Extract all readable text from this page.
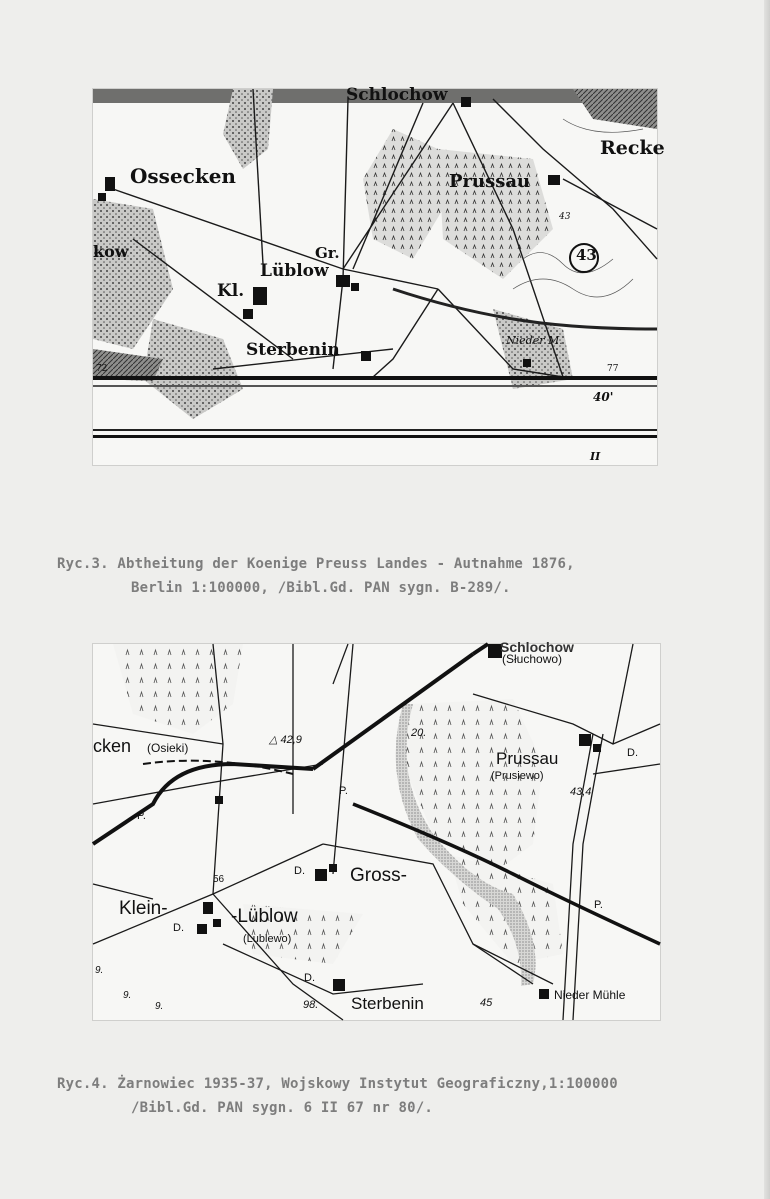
Schlochow
Recke
Ossecken	Prussau
kow	Gr.
Lüblow
Kl.
Sterbenin	Nieder M.
43
43
77
72
40'
II
Ryc.3. Abtheitung der Koenige Preuss Landes - Autnahme 1876,
Berlin 1:100000, /Bibl.Gd. PAN sygn. B-289/.
Schlochow
(Słuchowo)
cken (Osieki)
△ 42,9
20.
Prussau
(Prusiewo)
D.
43,4
P.
P.
P.
56
D. Gross-
Klein-	-Lüblow
(Lublewo)
D.
D.
98. Sterbenin	45
Nieder Mühle
9.
9.
9.
Ryc.4. Żarnowiec 1935-37, Wojskowy Instytut Geograficzny,1:100000
/Bibl.Gd. PAN sygn. 6 II 67 nr 80/.
